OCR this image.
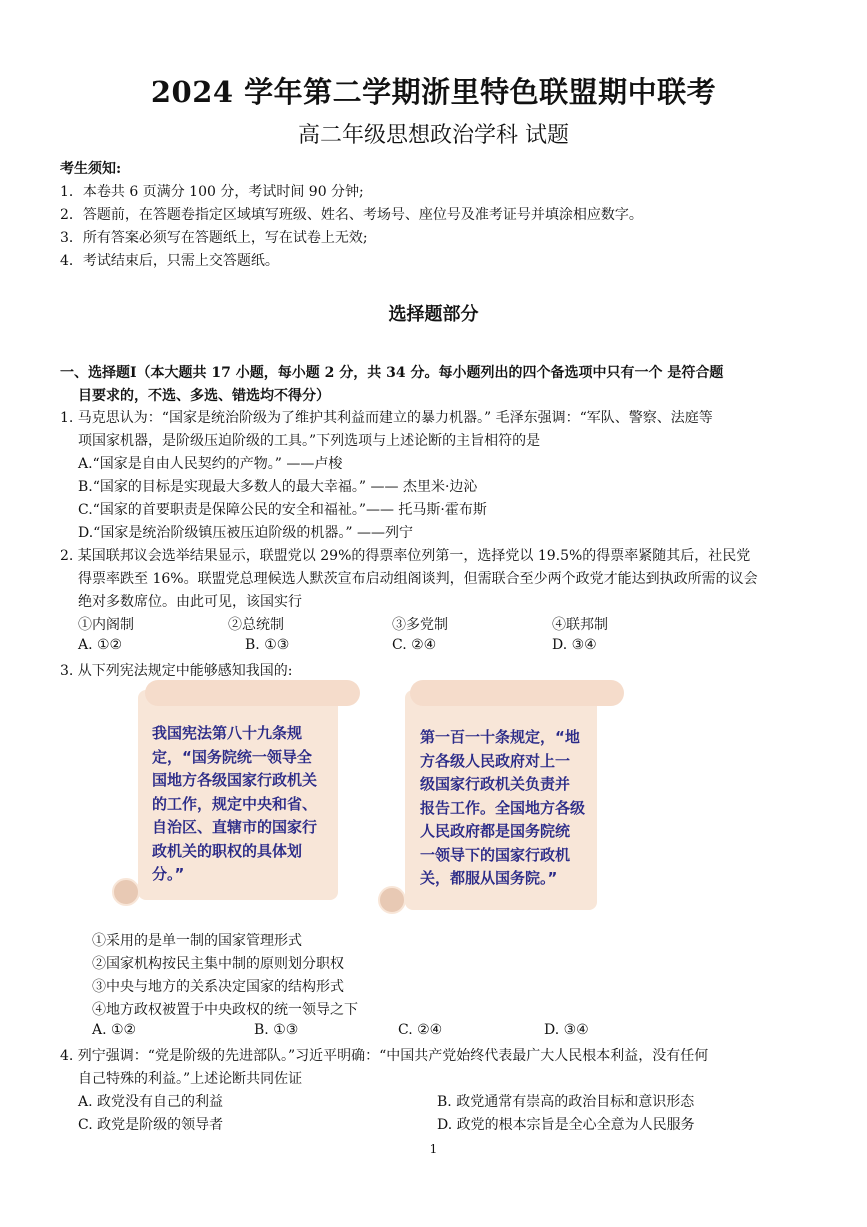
2024 学年第二学期浙里特色联盟期中联考
高二年级思想政治学科 试题
考生须知:
1．本卷共 6 页满分 100 分，考试时间 90 分钟;
2．答题前，在答题卷指定区域填写班级、姓名、考场号、座位号及准考证号并填涂相应数字。
3．所有答案必须写在答题纸上，写在试卷上无效;
4．考试结束后，只需上交答题纸。
选择题部分
一、选择题Ⅰ（本大题共 17 小题，每小题 2 分，共 34 分。每小题列出的四个备选项中只有一个 是符合题
目要求的，不选、多选、错选均不得分）
1. 马克思认为：“国家是统治阶级为了维护其利益而建立的暴力机器。” 毛泽东强调：“军队、警察、法庭等
项国家机器，是阶级压迫阶级的工具。”下列选项与上述论断的主旨相符的是
A.“国家是自由人民契约的产物。” ——卢梭
B.“国家的目标是实现最大多数人的最大幸福。” —— 杰里米·边沁
C.“国家的首要职责是保障公民的安全和福祉。”—— 托马斯·霍布斯
D.“国家是统治阶级镇压被压迫阶级的机器。” ——列宁
2. 某国联邦议会选举结果显示，联盟党以 29%的得票率位列第一，选择党以 19.5%的得票率紧随其后，社民党
得票率跌至 16%。联盟党总理候选人默茨宣布启动组阁谈判，但需联合至少两个政党才能达到执政所需的议会
绝对多数席位。由此可见，该国实行
①内阁制	②总统制	③多党制	④联邦制
A. ①②	B. ①③	C. ②④	D. ③④
3. 从下列宪法规定中能够感知我国的:
我国宪法第八十九条规
定，“国务院统一领导全
国地方各级国家行政机关
的工作，规定中央和省、
自治区、直辖市的国家行
政机关的职权的具体划
分。”
第一百一十条规定，“地
方各级人民政府对上一
级国家行政机关负责并
报告工作。全国地方各级
人民政府都是国务院统
一领导下的国家行政机
关，都服从国务院。”
①采用的是单一制的国家管理形式
②国家机构按民主集中制的原则划分职权
③中央与地方的关系决定国家的结构形式
④地方政权被置于中央政权的统一领导之下
A. ①②	B. ①③	C. ②④	D. ③④
4. 列宁强调：“党是阶级的先进部队。”习近平明确：“中国共产党始终代表最广大人民根本利益，没有任何
自己特殊的利益。”上述论断共同佐证
A. 政党没有自己的利益	B. 政党通常有崇高的政治目标和意识形态
C. 政党是阶级的领导者	D. 政党的根本宗旨是全心全意为人民服务
1
